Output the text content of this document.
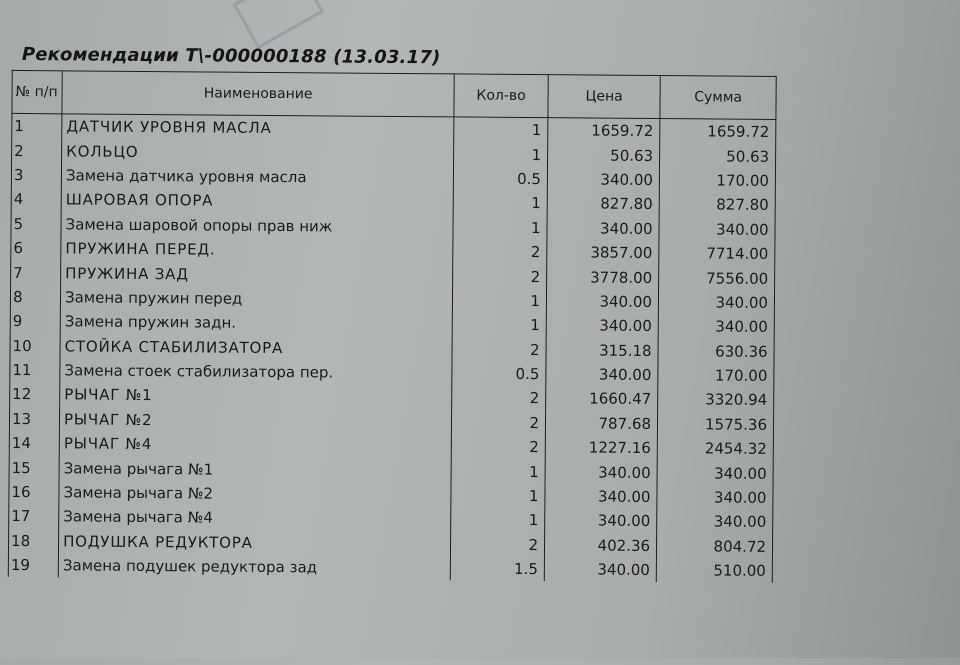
Рекомендации Т\-000000188 (13.03.17)
№ п/п	Наименование	Кол-во	Цена	Сумма
1	ДАТЧИК УРОВНЯ МАСЛА	1	1659.72	1659.72
2	КОЛЬЦО	1	50.63	50.63
3	Замена датчика уровня масла	0.5	340.00	170.00
4	ШАРОВАЯ ОПОРА	1	827.80	827.80
5	Замена шаровой опоры прав ниж	1	340.00	340.00
6	ПРУЖИНА ПЕРЕД.	2	3857.00	7714.00
7	ПРУЖИНА ЗАД	2	3778.00	7556.00
8	Замена пружин перед	1	340.00	340.00
9	Замена пружин задн.	1	340.00	340.00
10	СТОЙКА СТАБИЛИЗАТОРА	2	315.18	630.36
11	Замена стоек стабилизатора пер.	0.5	340.00	170.00
12	РЫЧАГ №1	2	1660.47	3320.94
13	РЫЧАГ №2	2	787.68	1575.36
14	РЫЧАГ №4	2	1227.16	2454.32
15	Замена рычага №1	1	340.00	340.00
16	Замена рычага №2	1	340.00	340.00
17	Замена рычага №4	1	340.00	340.00
18	ПОДУШКА РЕДУКТОРА	2	402.36	804.72
19	Замена подушек редуктора зад	1.5	340.00	510.00
